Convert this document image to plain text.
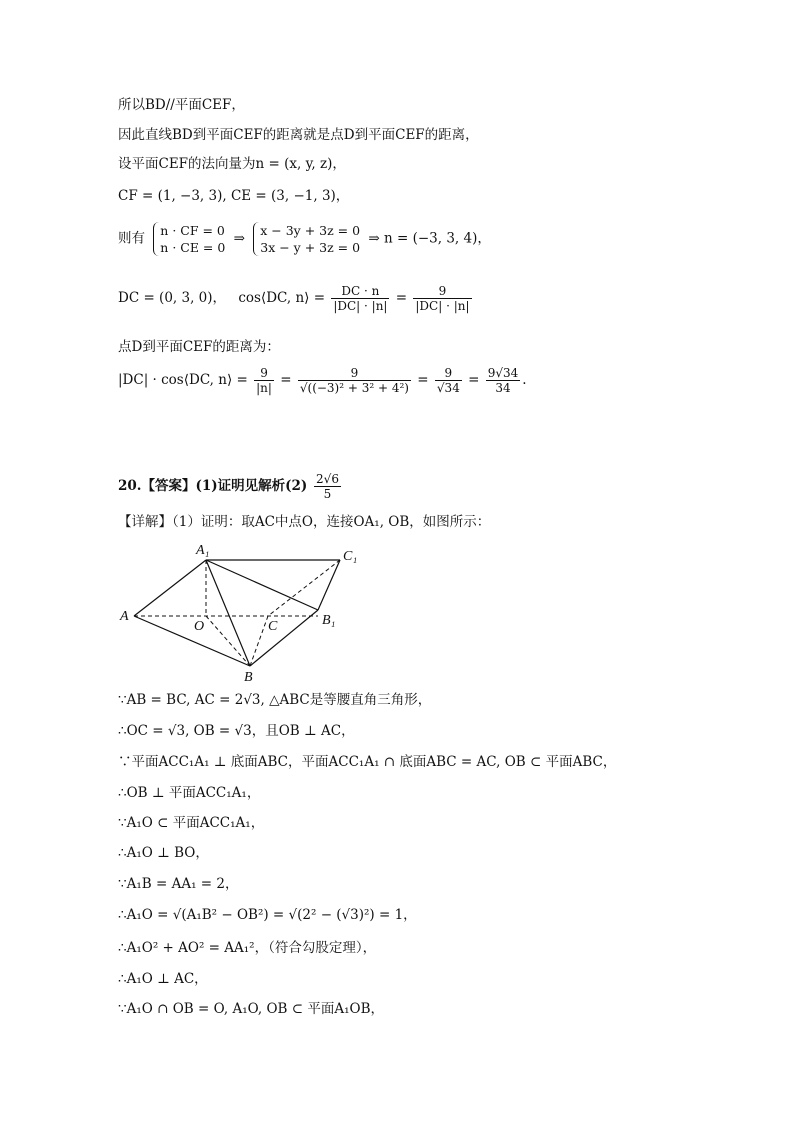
所以BD//平面CEF，
因此直线BD到平面CEF的距离就是点D到平面CEF的距离，
设平面CEF的法向量为n = (x, y, z)，
CF = (1, −3, 3), CE = (3, −1, 3)，
则有 n · CF = 0
n · CE = 0
⇒ x − 3y + 3z = 0
3x − y + 3z = 0
⇒ n = (−3, 3, 4)，
DC = (0, 3, 0)， cos⟨DC, n⟩ = $\frac{DC \cdot n}{|DC| \cdot |n|} = \frac{9}{|DC| \cdot |n|}$
点D到平面CEF的距离为：
|DC| · cos⟨DC, n⟩ = $\frac{9}{|n|} = \frac{9}{\text{√((−3)² + 3² + 4²)}} = \frac{9}{√34} = \frac{9√34}{34}$ .
20.【答案】(1)证明见解析$(2) \frac{2√6}{5}$
【详解】（1）证明：取AC中点O，连接OA₁, OB，如图所示：
A₁	C₁
A
O	C	B₁
B
∵AB = BC, AC = 2√3, △ABC是等腰直角三角形，
∴OC = √3, OB = √3，且OB ⊥ AC，
∵平面ACC₁A₁ ⊥ 底面ABC，平面ACC₁A₁ ∩ 底面ABC = AC, OB ⊂ 平面ABC，
∴OB ⊥ 平面ACC₁A₁，
∵A₁O ⊂ 平面ACC₁A₁，
∴A₁O ⊥ BO，
∵A₁B = AA₁ = 2，
∴A₁O = √(A₁B² − OB²) = √(2² − (√3)²) = 1，
∴A₁O² + AO² = AA₁²，（符合勾股定理），
∴A₁O ⊥ AC，
∵A₁O ∩ OB = O, A₁O, OB ⊂ 平面A₁OB，
